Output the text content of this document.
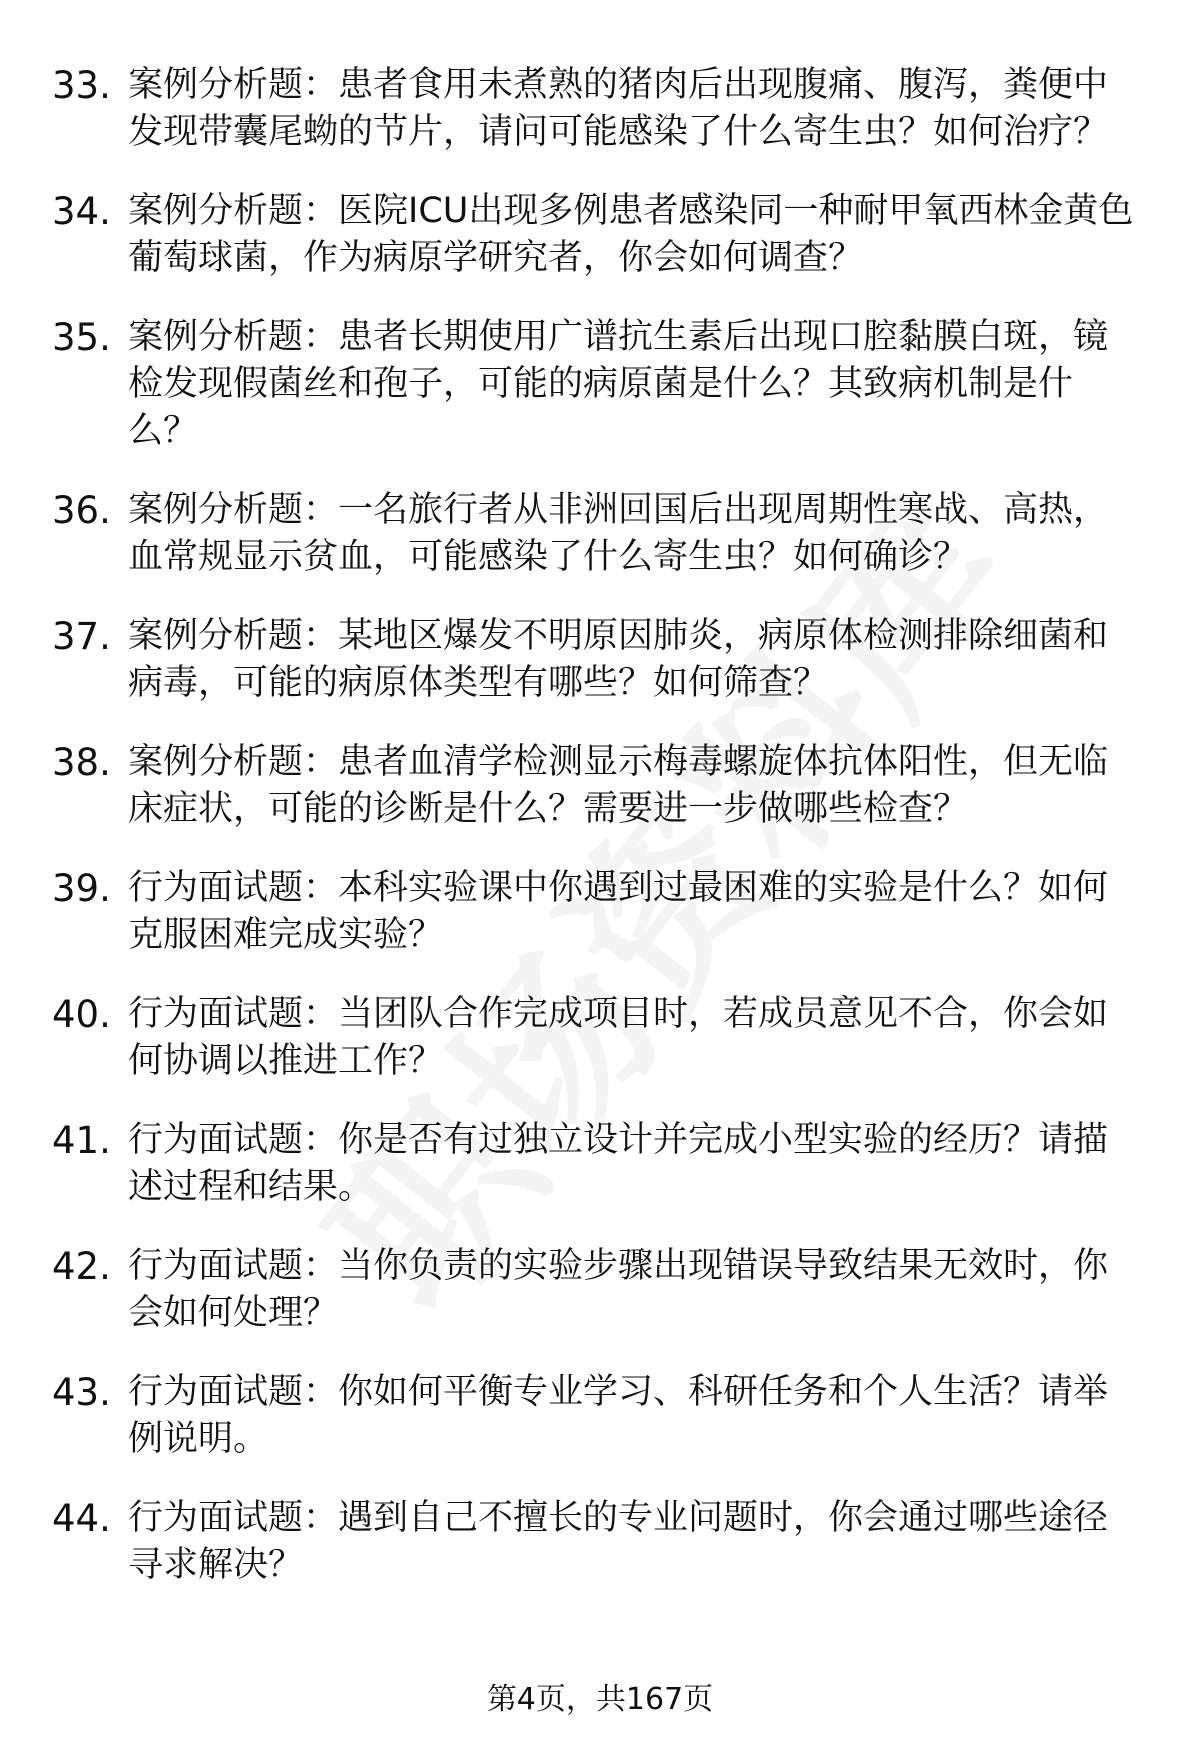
33. 案例分析题：患者食用未煮熟的猪肉后出现腹痛、腹泻，粪便中发现带囊尾蚴的节片，请问可能感染了什么寄生虫？如何治疗？
34. 案例分析题：医院ICU出现多例患者感染同一种耐甲氧西林金黄色葡萄球菌，作为病原学研究者，你会如何调查？
35. 案例分析题：患者长期使用广谱抗生素后出现口腔黏膜白斑，镜检发现假菌丝和孢子，可能的病原菌是什么？其致病机制是什么？
36. 案例分析题：一名旅行者从非洲回国后出现周期性寒战、高热，血常规显示贫血，可能感染了什么寄生虫？如何确诊？
37. 案例分析题：某地区爆发不明原因肺炎，病原体检测排除细菌和病毒，可能的病原体类型有哪些？如何筛查？
38. 案例分析题：患者血清学检测显示梅毒螺旋体抗体阳性，但无临床症状，可能的诊断是什么？需要进一步做哪些检查？
39. 行为面试题：本科实验课中你遇到过最困难的实验是什么？如何克服困难完成实验？
40. 行为面试题：当团队合作完成项目时，若成员意见不合，你会如何协调以推进工作？
41. 行为面试题：你是否有过独立设计并完成小型实验的经历？请描述过程和结果。
42. 行为面试题：当你负责的实验步骤出现错误导致结果无效时，你会如何处理？
43. 行为面试题：你如何平衡专业学习、科研任务和个人生活？请举例说明。
44. 行为面试题：遇到自己不擅长的专业问题时，你会通过哪些途径寻求解决？
第4页，共167页
